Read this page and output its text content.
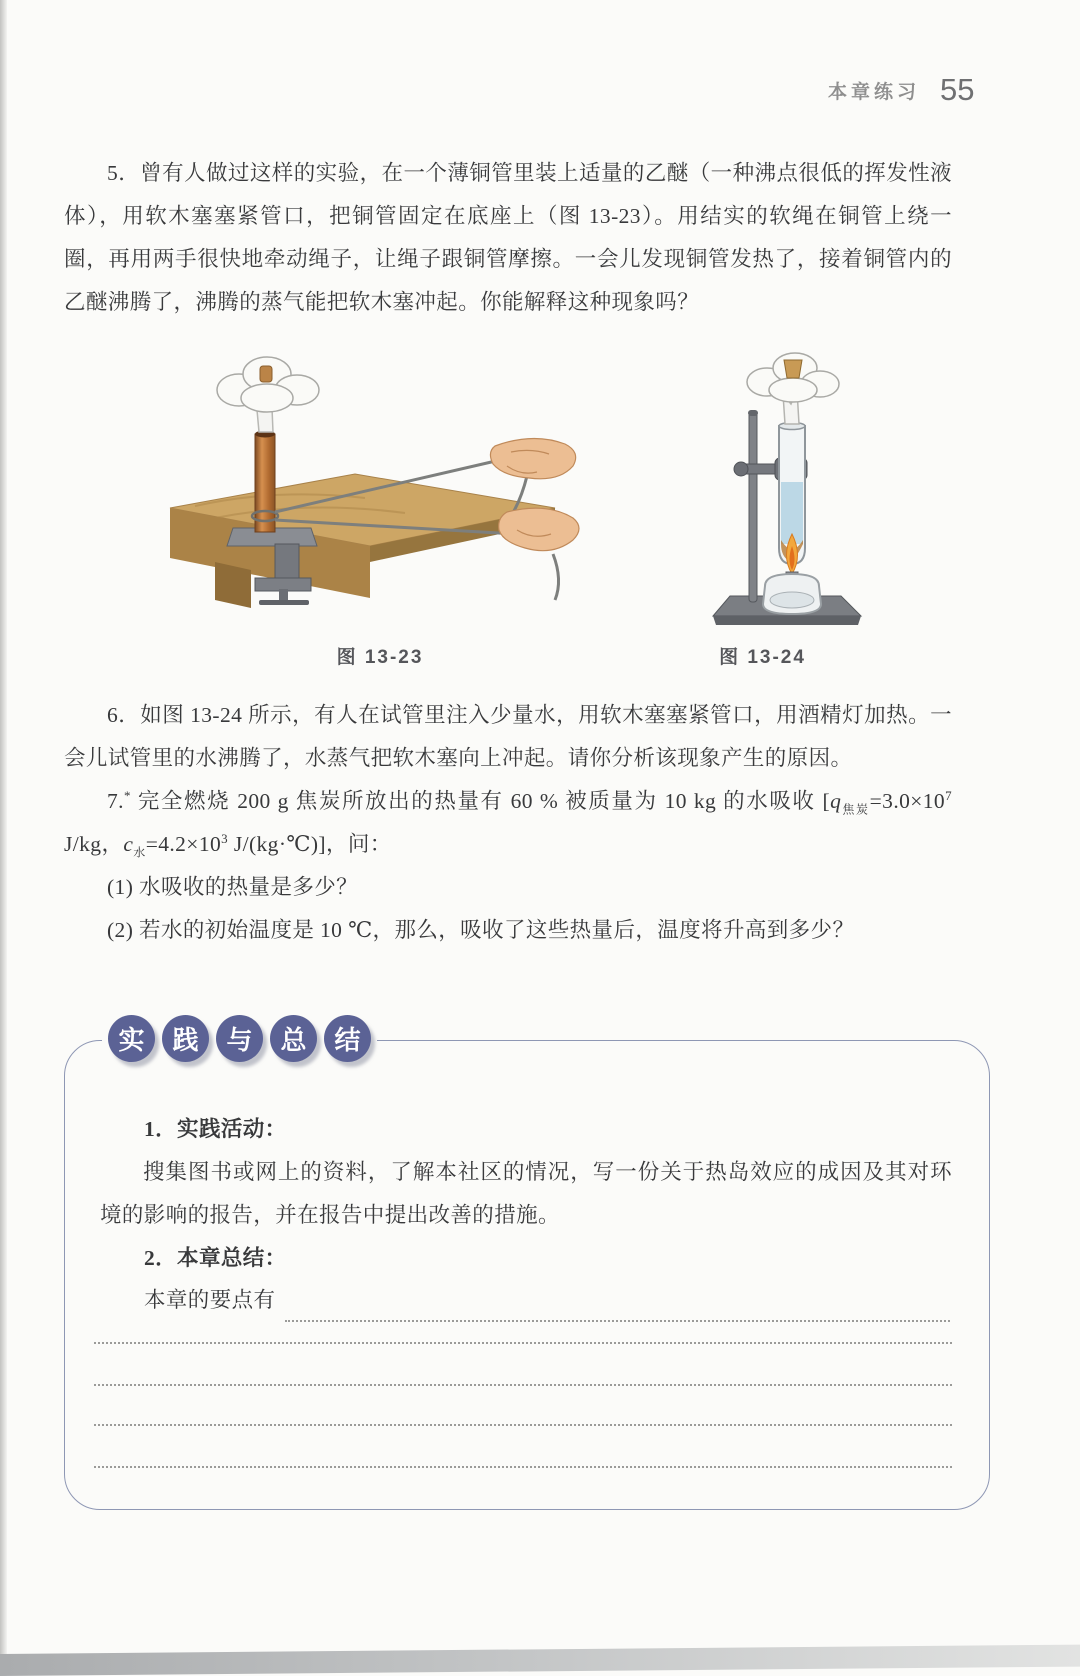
本章练习 55

5．曾有人做过这样的实验，在一个薄铜管里装上适量的乙醚（一种沸点很低的挥发性液体），用软木塞塞紧管口，把铜管固定在底座上（图 13-23）。用结实的软绳在铜管上绕一圈，再用两手很快地牵动绳子，让绳子跟铜管摩擦。一会儿发现铜管发热了，接着铜管内的乙醚沸腾了，沸腾的蒸气能把软木塞冲起。你能解释这种现象吗？

图 13-23	图 13-24

6．如图 13-24 所示，有人在试管里注入少量水，用软木塞塞紧管口，用酒精灯加热。一会儿试管里的水沸腾了，水蒸气把软木塞向上冲起。请你分析该现象产生的原因。

7.* 完全燃烧 200 g 焦炭所放出的热量有 60 % 被质量为 10 kg 的水吸收 [$q_{焦炭}=3.0\times 10^7$ J/kg，$c_水=4.2\times 10^3$ J/(kg·℃)]，问：

(1) 水吸收的热量是多少？

(2) 若水的初始温度是 10 ℃，那么，吸收了这些热量后，温度将升高到多少？

实	践	与	总	结
1．实践活动：

搜集图书或网上的资料，了解本社区的情况，写一份关于热岛效应的成因及其对环境的影响的报告，并在报告中提出改善的措施。

2．本章总结：
本章的要点有
